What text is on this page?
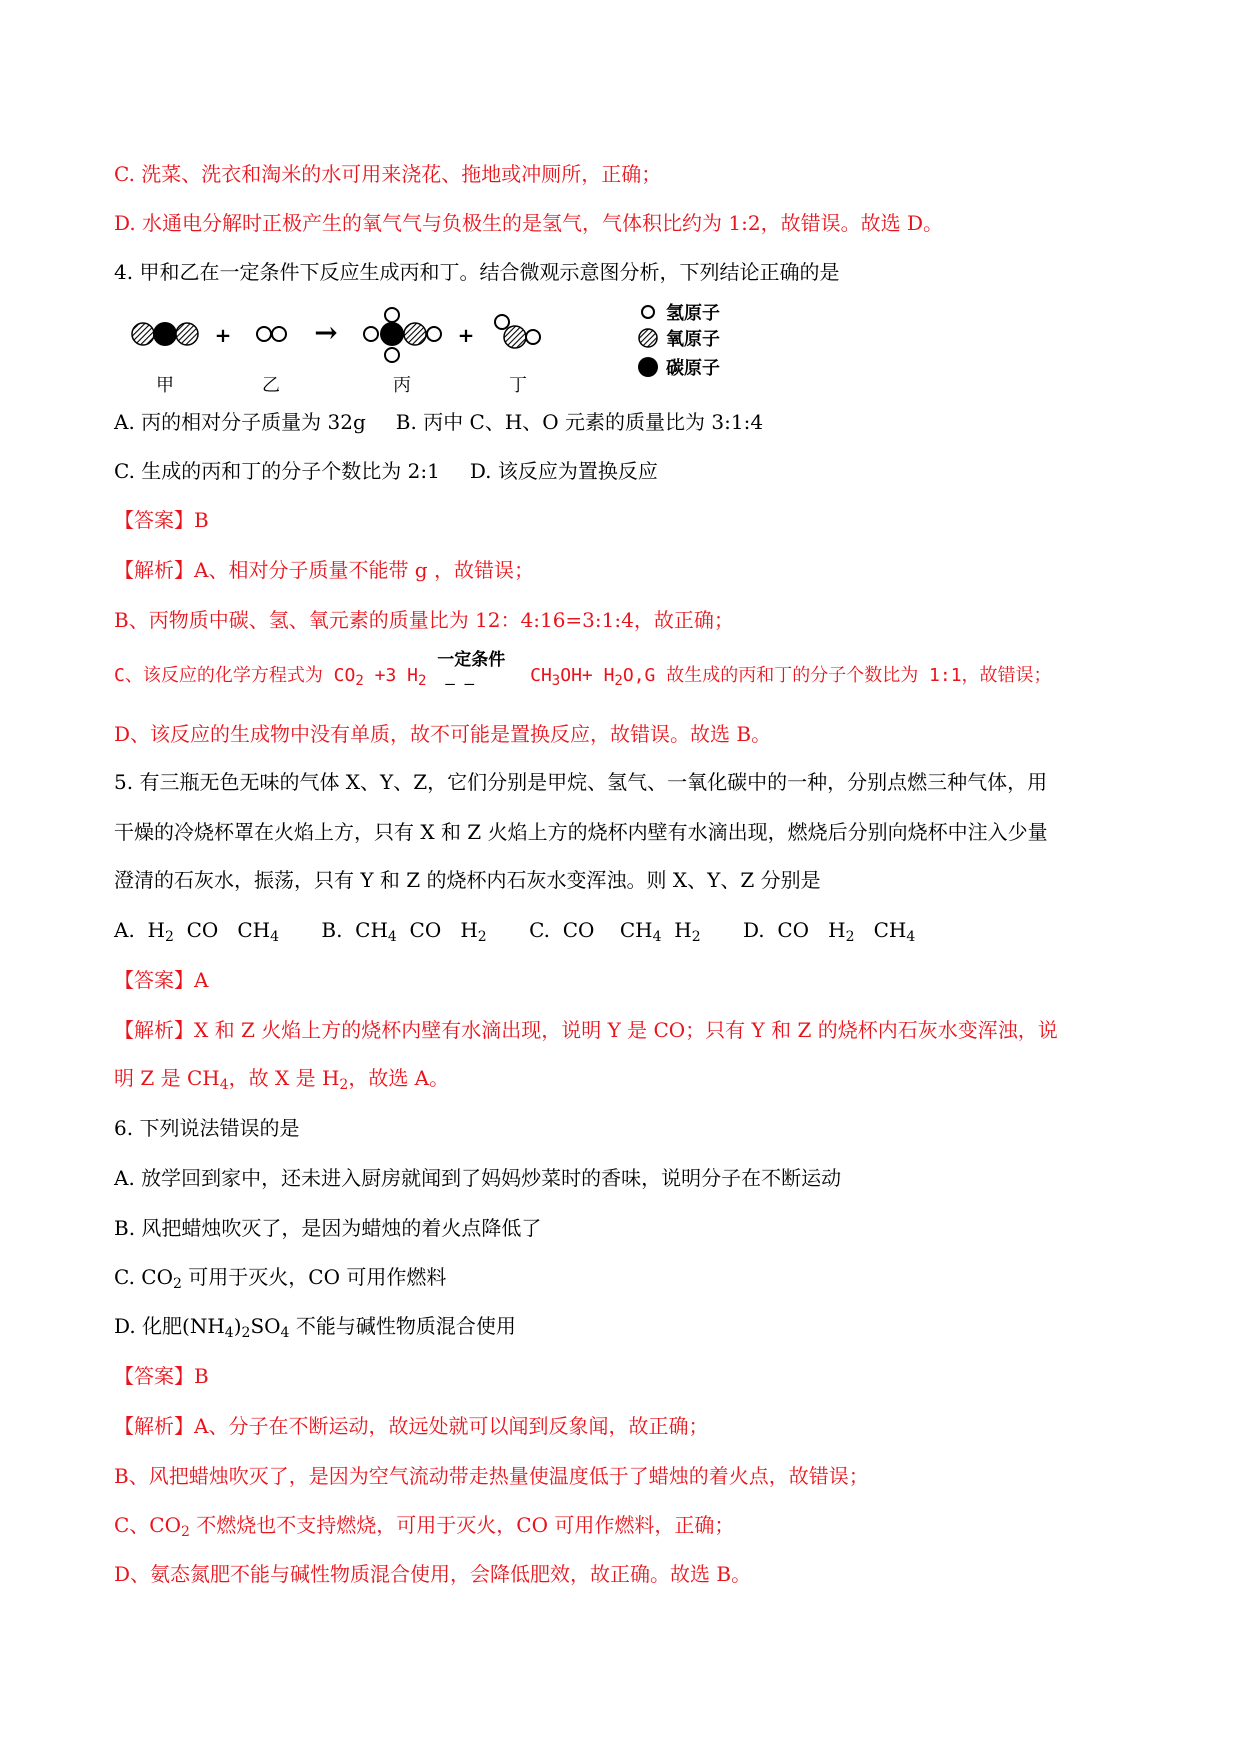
C. 洗菜、洗衣和淘米的水可用来浇花、拖地或冲厕所，正确；
D. 水通电分解时正极产生的氧气气与负极生的是氢气，气体积比约为 1:2，故错误。故选 D。
4. 甲和乙在一定条件下反应生成丙和丁。结合微观示意图分析，下列结论正确的是
+	→	+
甲	乙	丙	丁
氢原子
氧原子
碳原子
A. 丙的相对分子质量为 32g B. 丙中 C、H、O 元素的质量比为 3:1:4
C. 生成的丙和丁的分子个数比为 2:1 D. 该反应为置换反应
【答案】B
【解析】A、相对分子质量不能带 g ，故错误；
B、丙物质中碳、氢、氧元素的质量比为 12：4:16=3:1:4，故正确；
C、该反应的化学方程式为 $CO_2 +3$ $H_2$
一定条件
‒ ‒	$CH_3OH+ H_2O,G$ 故生成的丙和丁的分子个数比为 1:1，故错误；
D、该反应的生成物中没有单质，故不可能是置换反应，故错误。故选 B。
5. 有三瓶无色无味的气体 X、Y、Z，它们分别是甲烷、氢气、一氧化碳中的一种，分别点燃三种气体，用
干燥的冷烧杯罩在火焰上方，只有 X 和 Z 火焰上方的烧杯内壁有水滴出现，燃烧后分别向烧杯中注入少量
澄清的石灰水，振荡，只有 Y 和 Z 的烧杯内石灰水变浑浊。则 X、Y、Z 分别是
A.  $H_2$  CO   $CH_4$ B.  $CH_4$  CO   $H_2$ C.  CO    $CH_4$  $H_2$ D.  CO   $H_2$   $CH_4$
【答案】A
【解析】X 和 Z 火焰上方的烧杯内壁有水滴出现，说明 Y 是 CO；只有 Y 和 Z 的烧杯内石灰水变浑浊，说
明 Z 是 $CH_4$，故 X 是 $H_2$，故选 A。
6. 下列说法错误的是
A. 放学回到家中，还未进入厨房就闻到了妈妈炒菜时的香味，说明分子在不断运动
B. 风把蜡烛吹灭了，是因为蜡烛的着火点降低了
C. $CO_2$ 可用于灭火，CO 可用作燃料
D. 化肥$(NH_4)_2SO_4$ 不能与碱性物质混合使用
【答案】B
【解析】A、分子在不断运动，故远处就可以闻到反象闻，故正确；
B、风把蜡烛吹灭了，是因为空气流动带走热量使温度低于了蜡烛的着火点，故错误；
C、$CO_2$ 不燃烧也不支持燃烧，可用于灭火，CO 可用作燃料，正确；
D、氨态氮肥不能与碱性物质混合使用，会降低肥效，故正确。故选 B。
